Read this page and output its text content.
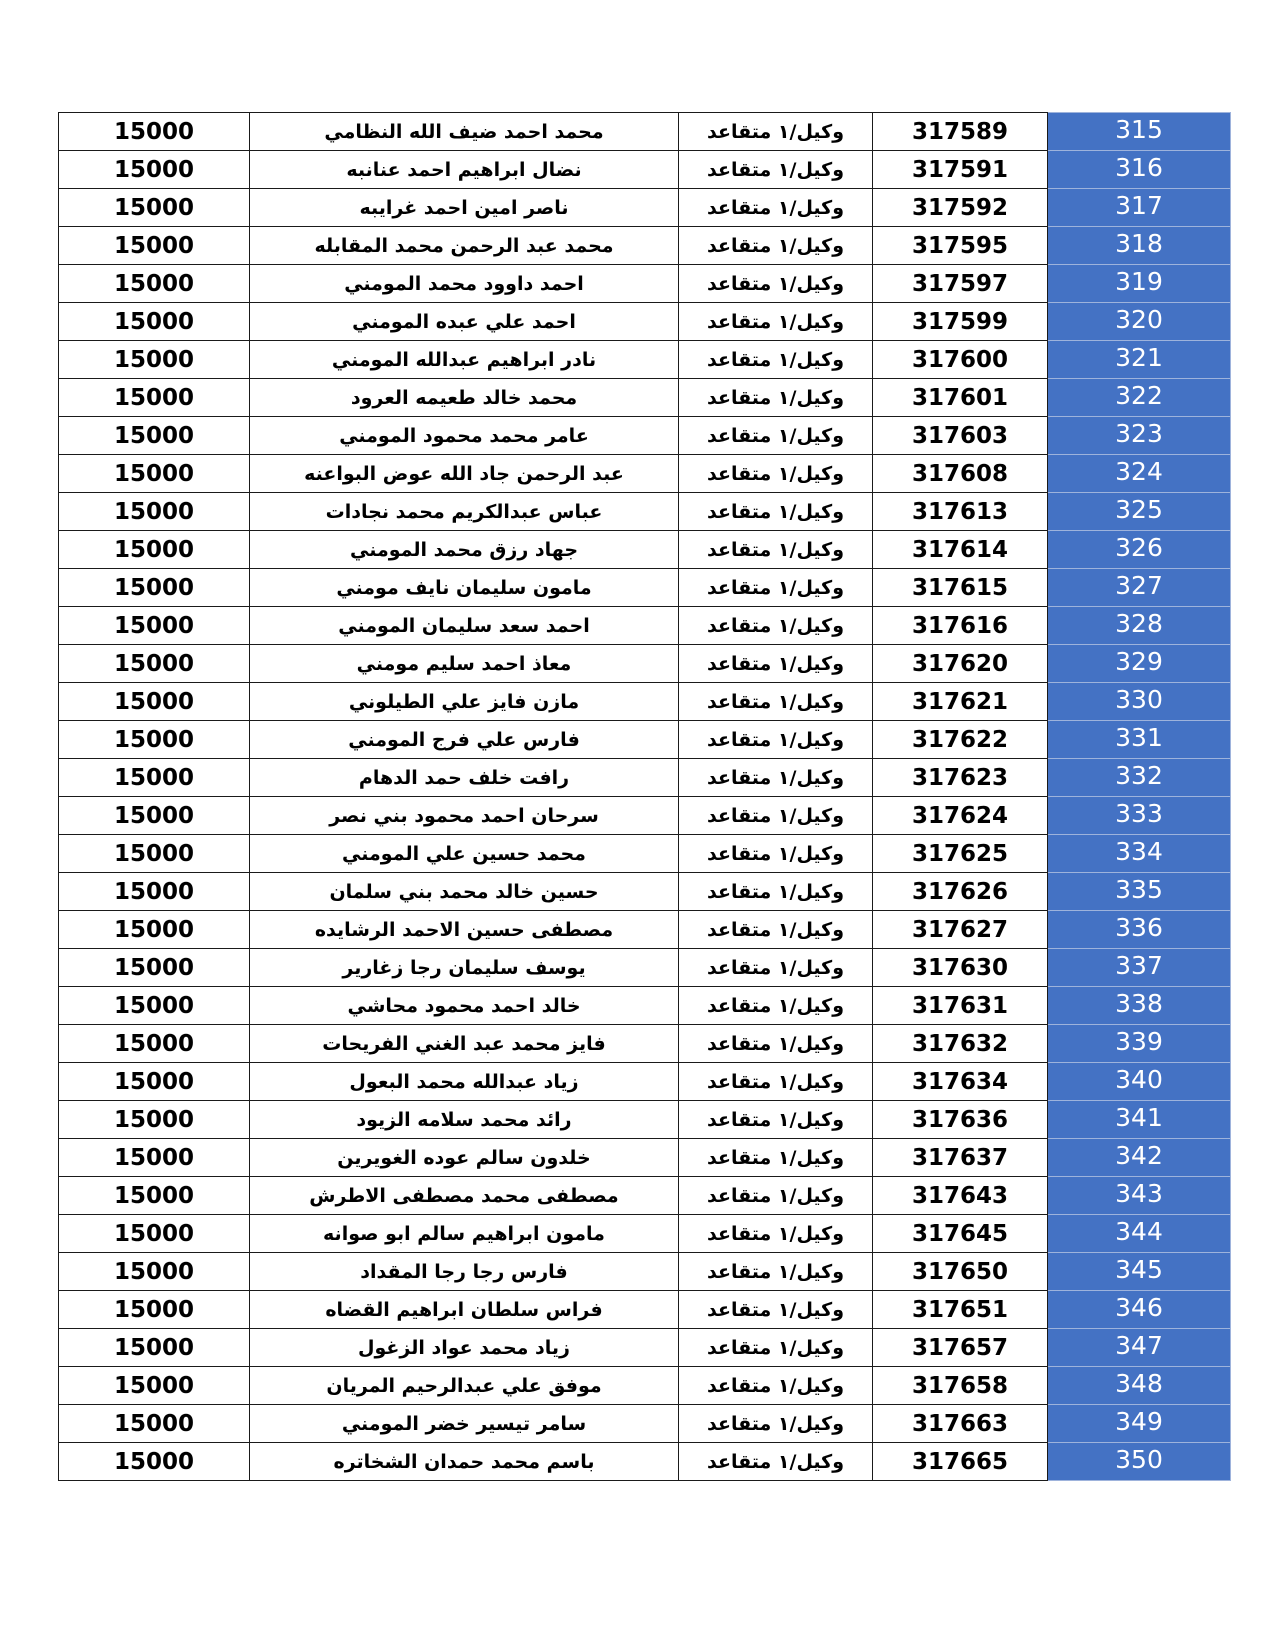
15000	محمد احمد ضيف الله النظامي	وكيل/١ متقاعد	317589	315
15000	نضال ابراهيم احمد عنانبه	وكيل/١ متقاعد	317591	316
15000	ناصر امين احمد غرايبه	وكيل/١ متقاعد	317592	317
15000	محمد عبد الرحمن محمد المقابله	وكيل/١ متقاعد	317595	318
15000	احمد داوود محمد المومني	وكيل/١ متقاعد	317597	319
15000	احمد علي عبده المومني	وكيل/١ متقاعد	317599	320
15000	نادر ابراهيم عبدالله المومني	وكيل/١ متقاعد	317600	321
15000	محمد خالد طعيمه العرود	وكيل/١ متقاعد	317601	322
15000	عامر محمد محمود المومني	وكيل/١ متقاعد	317603	323
15000	عبد الرحمن جاد الله عوض البواعنه	وكيل/١ متقاعد	317608	324
15000	عباس عبدالكريم محمد نجادات	وكيل/١ متقاعد	317613	325
15000	جهاد رزق محمد المومني	وكيل/١ متقاعد	317614	326
15000	مامون سليمان نايف مومني	وكيل/١ متقاعد	317615	327
15000	احمد سعد سليمان المومني	وكيل/١ متقاعد	317616	328
15000	معاذ احمد سليم مومني	وكيل/١ متقاعد	317620	329
15000	مازن فايز علي الطيلوني	وكيل/١ متقاعد	317621	330
15000	فارس علي فرج المومني	وكيل/١ متقاعد	317622	331
15000	رافت خلف حمد الدهام	وكيل/١ متقاعد	317623	332
15000	سرحان احمد محمود بني نصر	وكيل/١ متقاعد	317624	333
15000	محمد حسين علي المومني	وكيل/١ متقاعد	317625	334
15000	حسين خالد محمد بني سلمان	وكيل/١ متقاعد	317626	335
15000	مصطفى حسين الاحمد الرشايده	وكيل/١ متقاعد	317627	336
15000	يوسف سليمان رجا زغارير	وكيل/١ متقاعد	317630	337
15000	خالد احمد محمود محاشي	وكيل/١ متقاعد	317631	338
15000	فايز محمد عبد الغني الفريحات	وكيل/١ متقاعد	317632	339
15000	زياد عبدالله محمد البعول	وكيل/١ متقاعد	317634	340
15000	رائد محمد سلامه الزيود	وكيل/١ متقاعد	317636	341
15000	خلدون سالم عوده الغويرين	وكيل/١ متقاعد	317637	342
15000	مصطفى محمد مصطفى الاطرش	وكيل/١ متقاعد	317643	343
15000	مامون ابراهيم سالم ابو صوانه	وكيل/١ متقاعد	317645	344
15000	فارس رجا رجا المقداد	وكيل/١ متقاعد	317650	345
15000	فراس سلطان ابراهيم القضاه	وكيل/١ متقاعد	317651	346
15000	زياد محمد عواد الزغول	وكيل/١ متقاعد	317657	347
15000	موفق علي عبدالرحيم المريان	وكيل/١ متقاعد	317658	348
15000	سامر تيسير خضر المومني	وكيل/١ متقاعد	317663	349
15000	باسم محمد حمدان الشخاتره	وكيل/١ متقاعد	317665	350
